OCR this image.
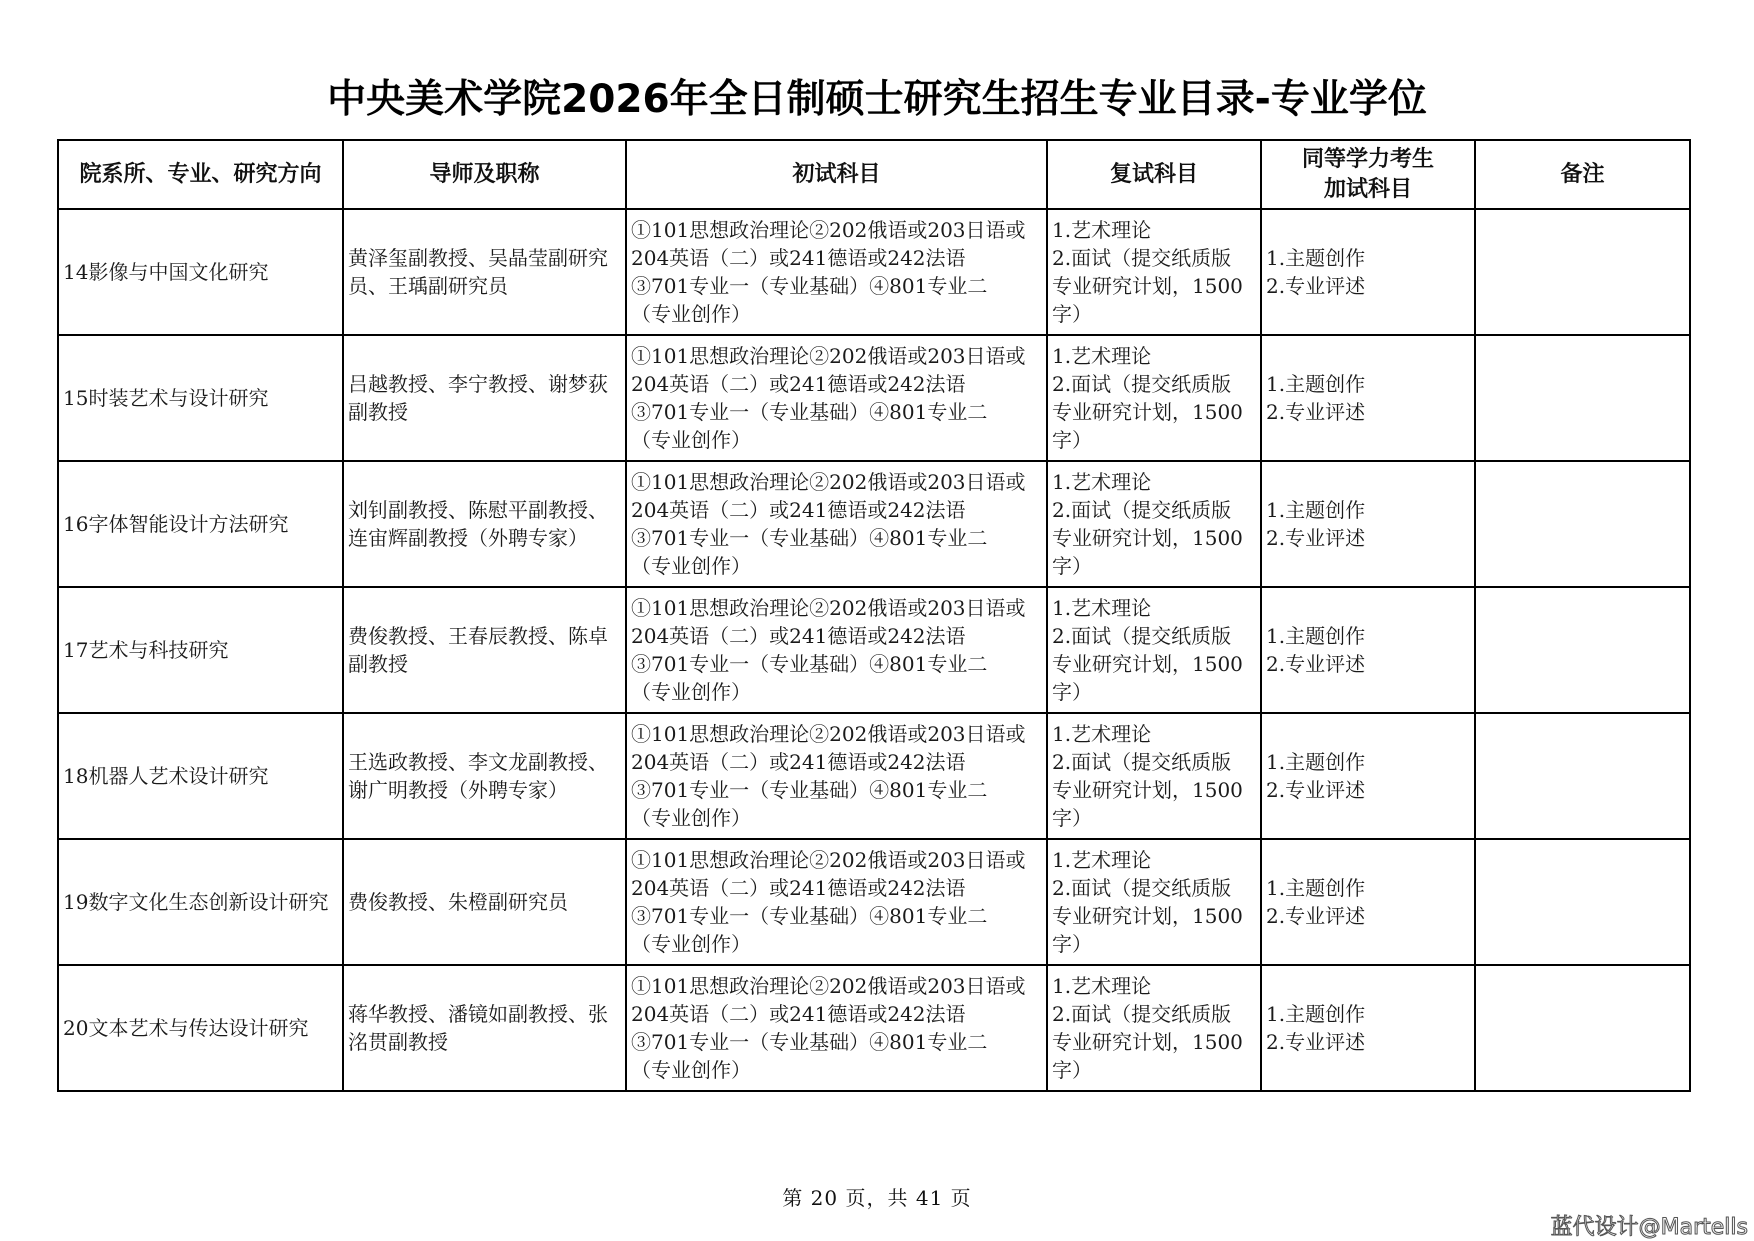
中央美术学院2026年全日制硕士研究生招生专业目录-专业学位
院系所、专业、研究方向	导师及职称	初试科目	复试科目	同等学力考生加试科目	备注
14影像与中国文化研究	黄泽玺副教授、吴晶莹副研究员、王瑀副研究员	①101思想政治理论②202俄语或203日语或
204英语（二）或241德语或242法语
③701专业一（专业基础）④801专业二
（专业创作）	1.艺术理论
2.面试（提交纸质版
专业研究计划，1500
字）	1.主题创作
2.专业评述	

15时装艺术与设计研究	吕越教授、李宁教授、谢梦荻副教授	①101思想政治理论②202俄语或203日语或
204英语（二）或241德语或242法语
③701专业一（专业基础）④801专业二
（专业创作）	1.艺术理论
2.面试（提交纸质版
专业研究计划，1500
字）	1.主题创作
2.专业评述	

16字体智能设计方法研究	刘钊副教授、陈慰平副教授、连宙辉副教授（外聘专家）	①101思想政治理论②202俄语或203日语或
204英语（二）或241德语或242法语
③701专业一（专业基础）④801专业二
（专业创作）	1.艺术理论
2.面试（提交纸质版
专业研究计划，1500
字）	1.主题创作
2.专业评述	

17艺术与科技研究	费俊教授、王春辰教授、陈卓副教授	①101思想政治理论②202俄语或203日语或
204英语（二）或241德语或242法语
③701专业一（专业基础）④801专业二
（专业创作）	1.艺术理论
2.面试（提交纸质版
专业研究计划，1500
字）	1.主题创作
2.专业评述	

18机器人艺术设计研究	王选政教授、李文龙副教授、谢广明教授（外聘专家）	①101思想政治理论②202俄语或203日语或
204英语（二）或241德语或242法语
③701专业一（专业基础）④801专业二
（专业创作）	1.艺术理论
2.面试（提交纸质版
专业研究计划，1500
字）	1.主题创作
2.专业评述	

19数字文化生态创新设计研究	费俊教授、朱橙副研究员	①101思想政治理论②202俄语或203日语或
204英语（二）或241德语或242法语
③701专业一（专业基础）④801专业二
（专业创作）	1.艺术理论
2.面试（提交纸质版
专业研究计划，1500
字）	1.主题创作
2.专业评述	

20文本艺术与传达设计研究	蒋华教授、潘镜如副教授、张洺贯副教授	①101思想政治理论②202俄语或203日语或
204英语（二）或241德语或242法语
③701专业一（专业基础）④801专业二
（专业创作）	1.艺术理论
2.面试（提交纸质版
专业研究计划，1500
字）	1.主题创作
2.专业评述	

第 20 页，共 41 页
蓝代设计@Martells
